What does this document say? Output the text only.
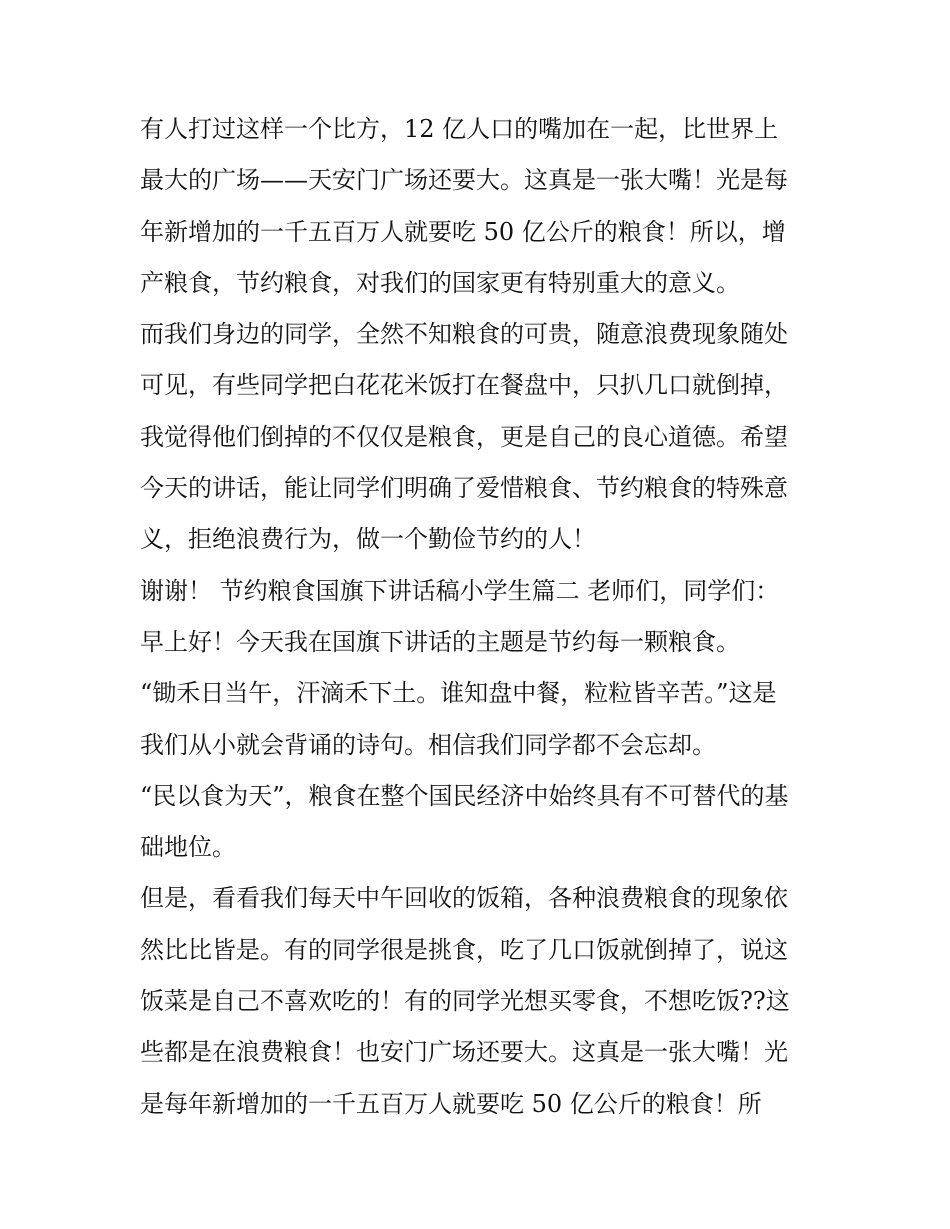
有人打过这样一个比方，12 亿人口的嘴加在一起，比世界上
最大的广场——天安门广场还要大。这真是一张大嘴！光是每
年新增加的一千五百万人就要吃 50 亿公斤的粮食！所以，增
产粮食，节约粮食，对我们的国家更有特别重大的意义。
而我们身边的同学，全然不知粮食的可贵，随意浪费现象随处
可见，有些同学把白花花米饭打在餐盘中，只扒几口就倒掉，
我觉得他们倒掉的不仅仅是粮食，更是自己的良心道德。希望
今天的讲话，能让同学们明确了爱惜粮食、节约粮食的特殊意
义，拒绝浪费行为，做一个勤俭节约的人！
谢谢！ 节约粮食国旗下讲话稿小学生篇二 老师们，同学们：
早上好！今天我在国旗下讲话的主题是节约每一颗粮食。
“锄禾日当午，汗滴禾下土。谁知盘中餐，粒粒皆辛苦。”这是
我们从小就会背诵的诗句。相信我们同学都不会忘却。
“民以食为天”，粮食在整个国民经济中始终具有不可替代的基
础地位。
但是，看看我们每天中午回收的饭箱，各种浪费粮食的现象依
然比比皆是。有的同学很是挑食，吃了几口饭就倒掉了，说这
饭菜是自己不喜欢吃的！有的同学光想买零食，不想吃饭??这
些都是在浪费粮食！也安门广场还要大。这真是一张大嘴！光
是每年新增加的一千五百万人就要吃 50 亿公斤的粮食！所
